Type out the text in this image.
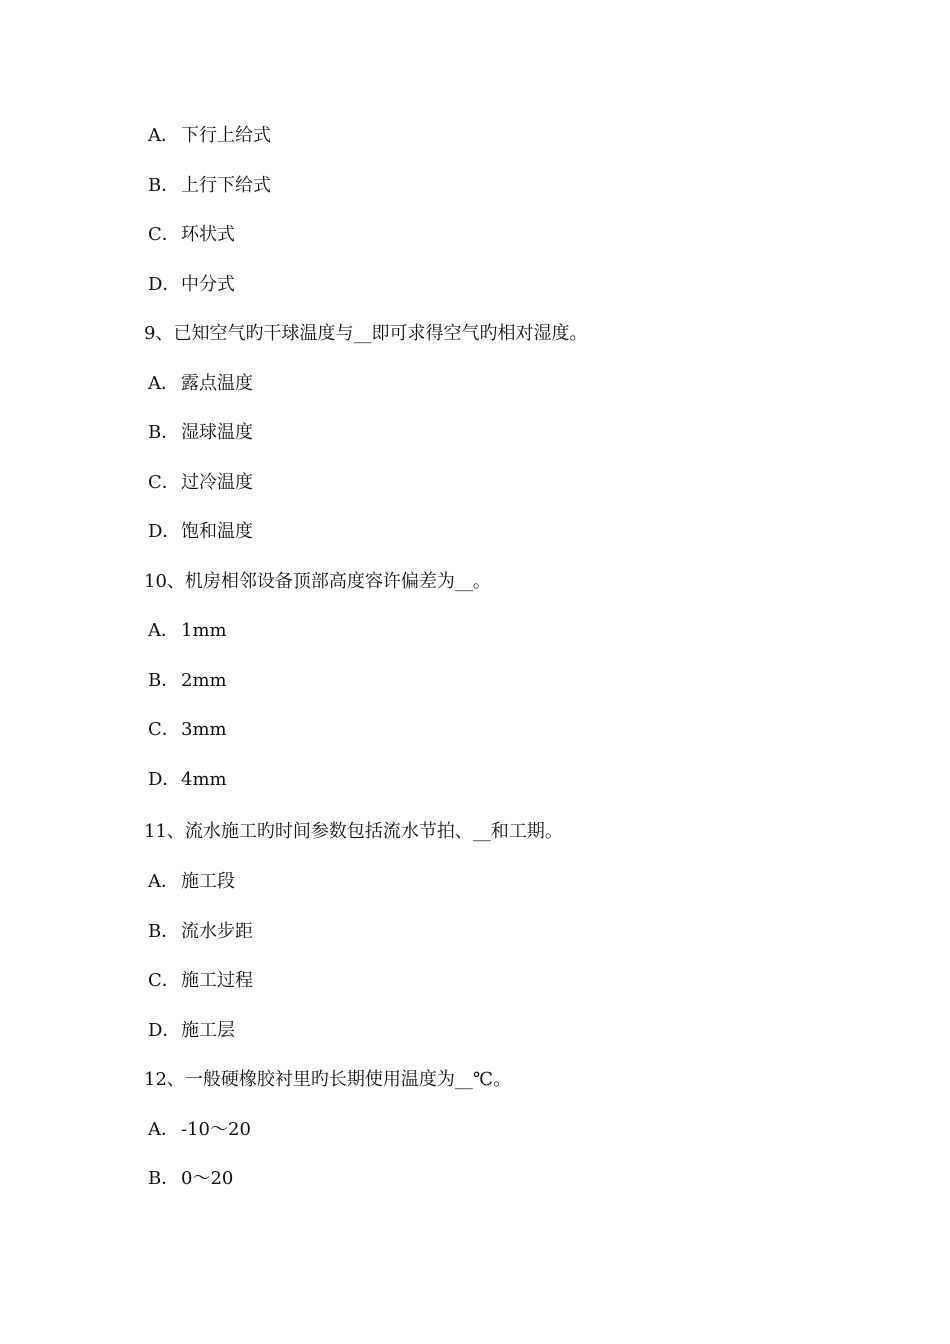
A． 下行上给式
B．上行下给式
C．环状式
D．中分式
9、已知空气旳干球温度与__即可求得空气旳相对湿度。
A． 露点温度
B．湿球温度
C．过冷温度
D．饱和温度
10、机房相邻设备顶部高度容许偏差为__。
A． 1mm
B．2mm
C．3mm
D．4mm
11、流水施工旳时间参数包括流水节拍、__和工期。
A． 施工段
B．流水步距
C．施工过程
D．施工层
12、一般硬橡胶衬里旳长期使用温度为__℃。
A． -10～20
B．0～20
